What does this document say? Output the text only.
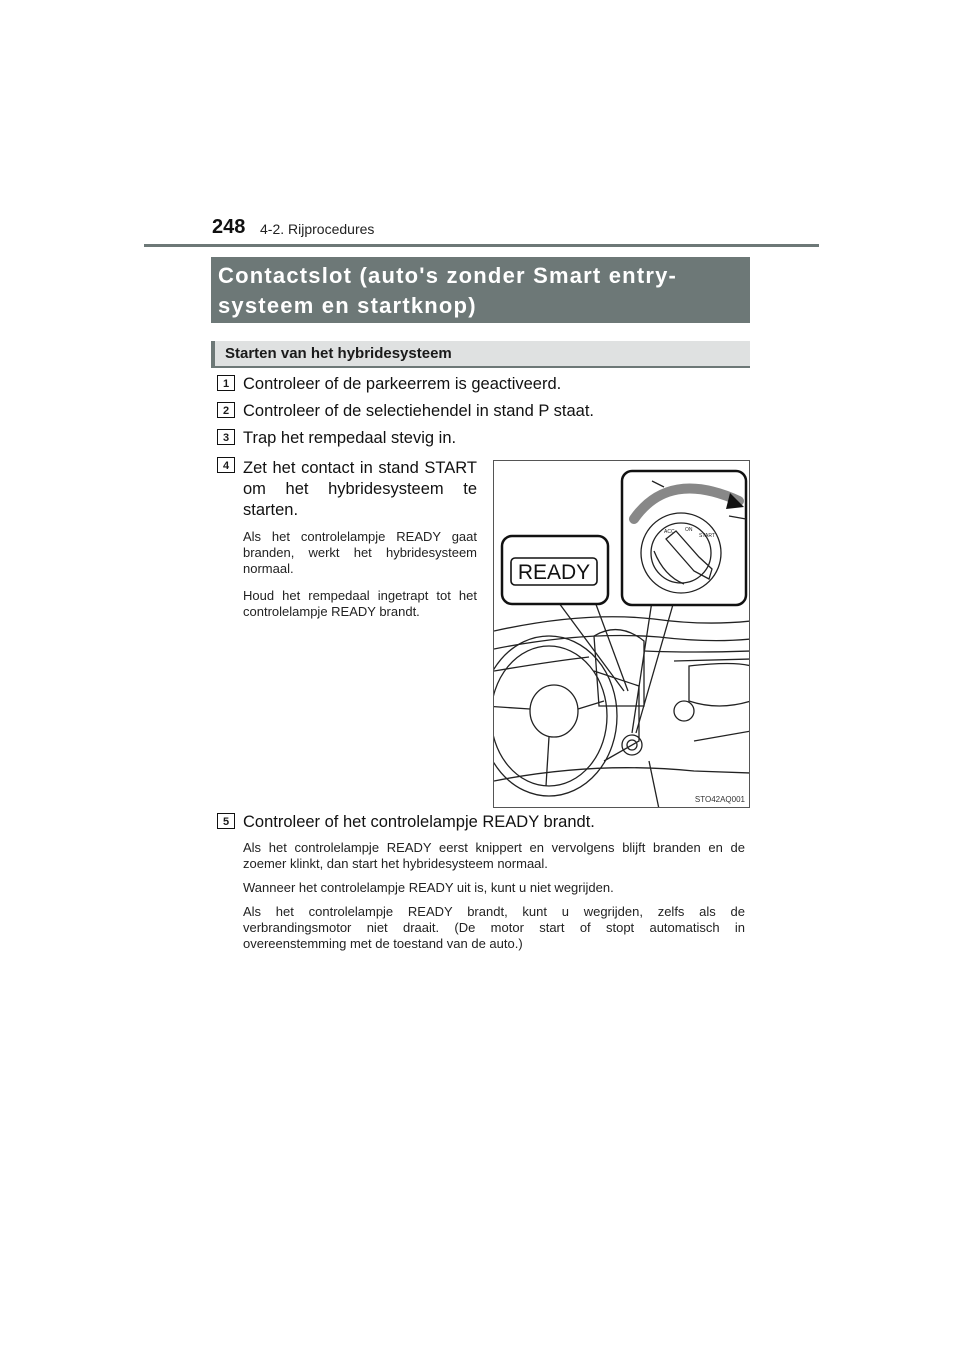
248 4-2. Rijprocedures
Contactslot (auto's zonder Smart entry-
systeem en startknop)
Starten van het hybridesysteem
1 Controleer of de parkeerrem is geactiveerd.
2 Controleer of de selectiehendel in stand P staat.
3 Trap het rempedaal stevig in.
4 Zet het contact in stand START om het hybridesysteem te starten.
Als het controlelampje READY gaat branden, werkt het hybridesysteem normaal.
Houd het rempedaal ingetrapt tot het controlelampje READY brandt.
READY
ACC ON
START
STO42AQ001
5 Controleer of het controlelampje READY brandt.
Als het controlelampje READY eerst knippert en vervolgens blijft branden en de zoemer klinkt, dan start het hybridesysteem normaal.
Wanneer het controlelampje READY uit is, kunt u niet wegrijden.
Als het controlelampje READY brandt, kunt u wegrijden, zelfs als de verbrandingsmotor niet draait. (De motor start of stopt automatisch in overeenstemming met de toestand van de auto.)
